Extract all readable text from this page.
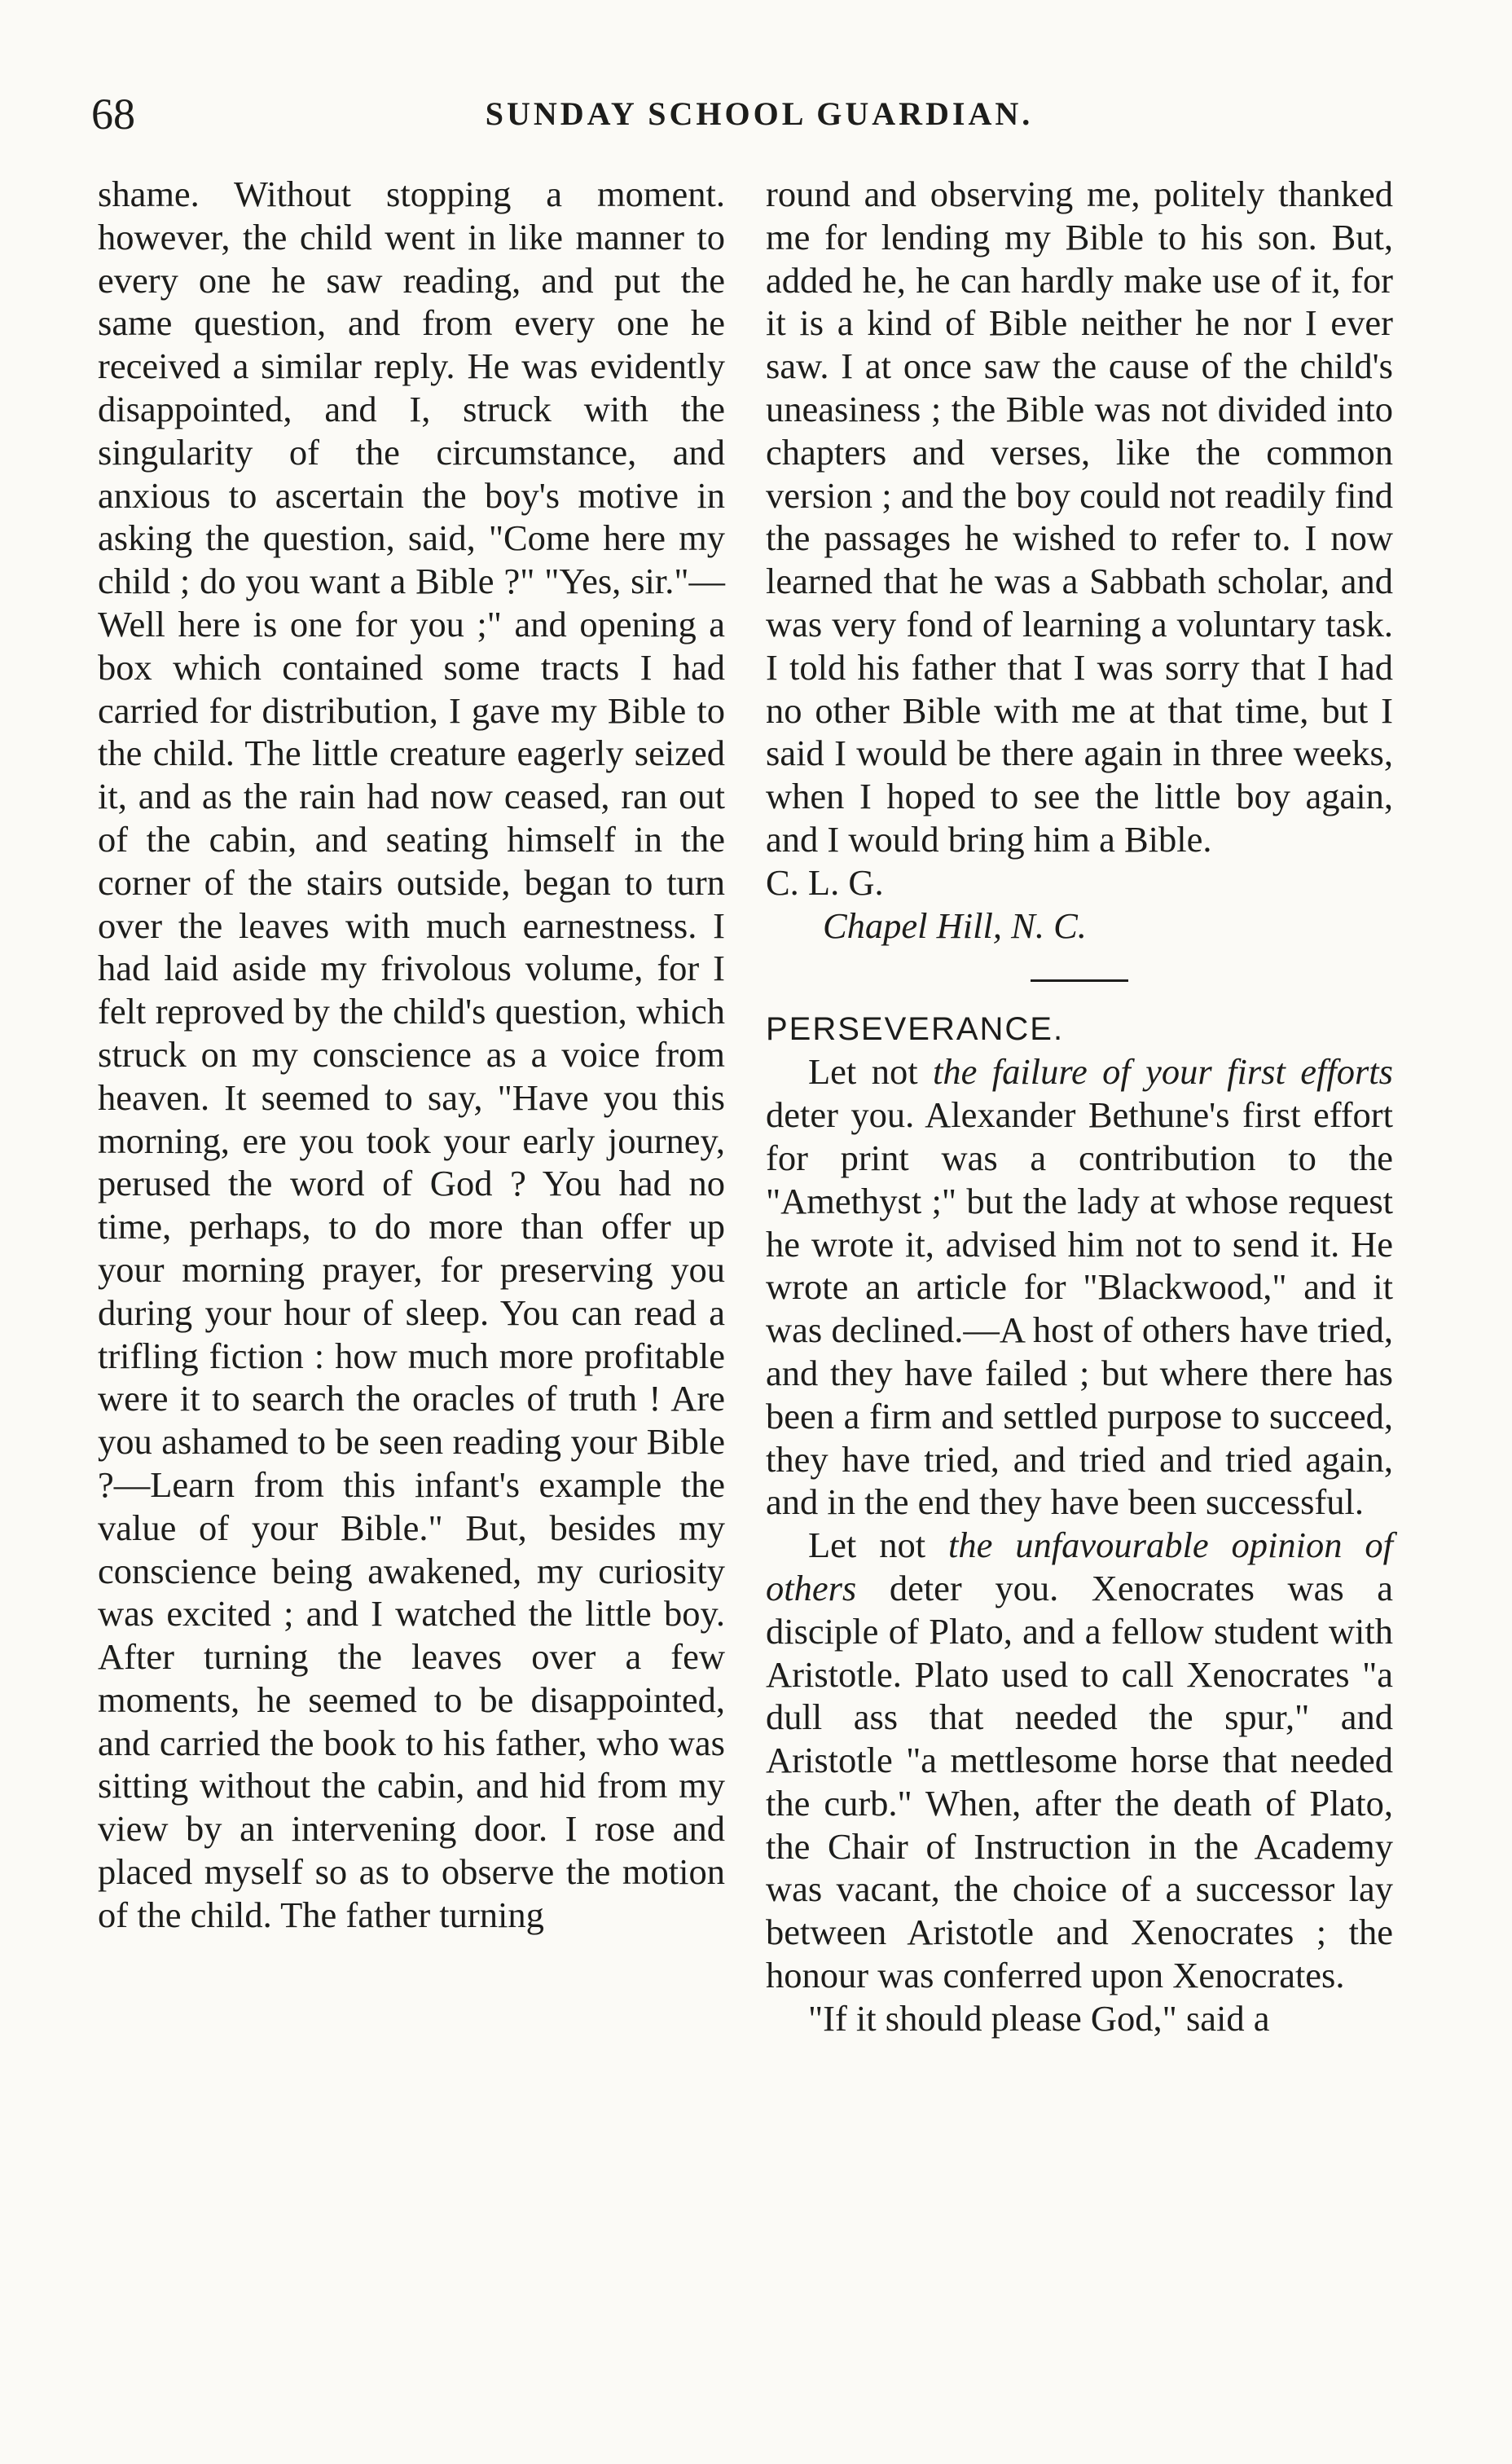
68	SUNDAY SCHOOL GUARDIAN.

shame. Without stopping a moment. however, the child went in like manner to every one he saw reading, and put the same question, and from every one he received a similar reply. He was evidently disappointed, and I, struck with the singularity of the circumstance, and anxious to ascertain the boy's motive in asking the question, said, "Come here my child ; do you want a Bible ?" "Yes, sir."—Well here is one for you ;" and opening a box which contained some tracts I had carried for distribution, I gave my Bible to the child. The little creature eagerly seized it, and as the rain had now ceased, ran out of the cabin, and seating himself in the corner of the stairs outside, began to turn over the leaves with much earnestness. I had laid aside my frivolous volume, for I felt reproved by the child's question, which struck on my conscience as a voice from heaven. It seemed to say, "Have you this morning, ere you took your early journey, perused the word of God ? You had no time, perhaps, to do more than offer up your morning prayer, for preserving you during your hour of sleep. You can read a trifling fiction : how much more profitable were it to search the oracles of truth ! Are you ashamed to be seen reading your Bible ?—Learn from this infant's example the value of your Bible." But, besides my conscience being awakened, my curiosity was excited ; and I watched the little boy. After turning the leaves over a few moments, he seemed to be disappointed, and carried the book to his father, who was sitting without the cabin, and hid from my view by an intervening door. I rose and placed myself so as to observe the motion of the child. The father turning

round and observing me, politely thanked me for lending my Bible to his son. But, added he, he can hardly make use of it, for it is a kind of Bible neither he nor I ever saw. I at once saw the cause of the child's uneasiness ; the Bible was not divided into chapters and verses, like the common version ; and the boy could not readily find the passages he wished to refer to. I now learned that he was a Sabbath scholar, and was very fond of learning a voluntary task. I told his father that I was sorry that I had no other Bible with me at that time, but I said I would be there again in three weeks, when I hoped to see the little boy again, and I would bring him a Bible.

C. L. G.

Chapel Hill, N. C.

PERSEVERANCE.

Let not the failure of your first efforts deter you. Alexander Bethune's first effort for print was a contribution to the "Amethyst ;" but the lady at whose request he wrote it, advised him not to send it. He wrote an article for "Blackwood," and it was declined.—A host of others have tried, and they have failed ; but where there has been a firm and settled purpose to succeed, they have tried, and tried and tried again, and in the end they have been successful.

Let not the unfavourable opinion of others deter you. Xenocrates was a disciple of Plato, and a fellow student with Aristotle. Plato used to call Xenocrates "a dull ass that needed the spur," and Aristotle "a mettlesome horse that needed the curb." When, after the death of Plato, the Chair of Instruction in the Academy was vacant, the choice of a successor lay between Aristotle and Xenocrates ; the honour was conferred upon Xenocrates.

"If it should please God," said a
